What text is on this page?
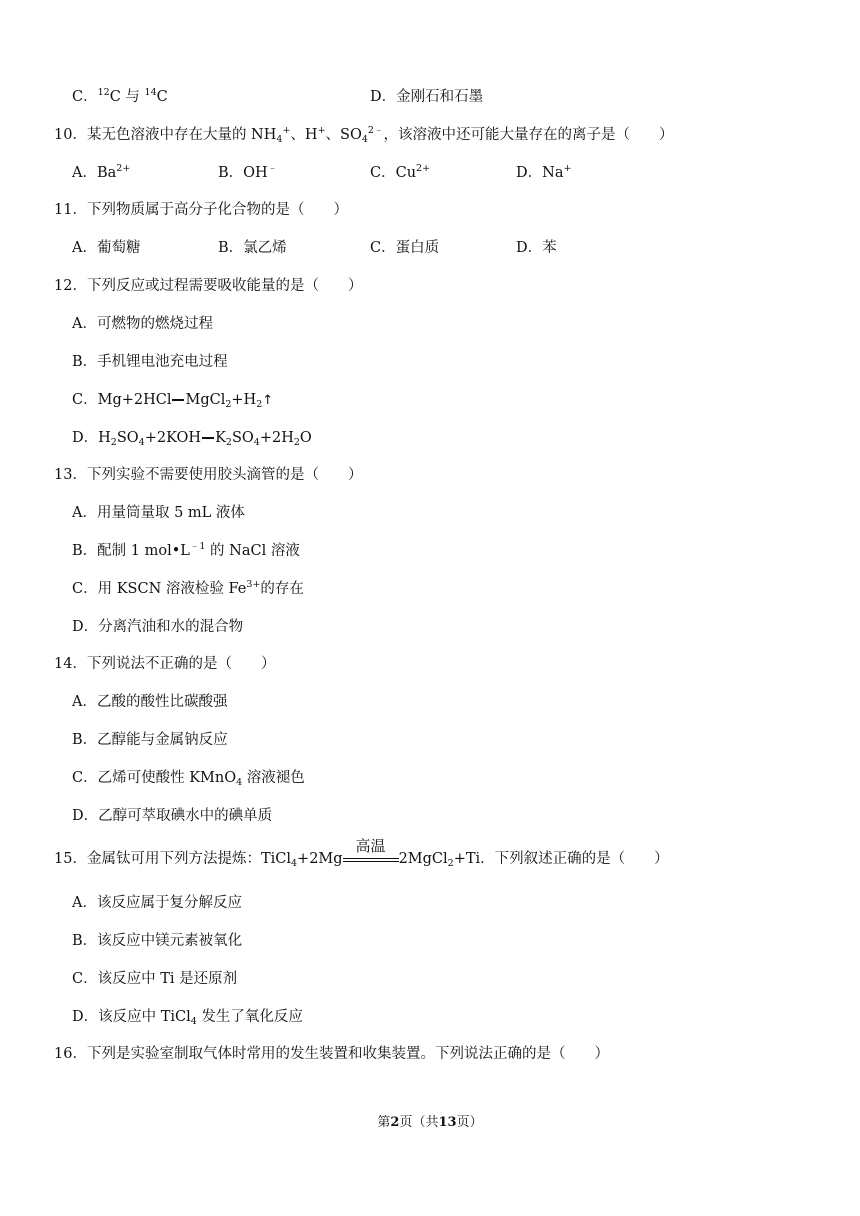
C．$^{12}$C 与 $^{14}$C	D．金刚石和石墨
10．某无色溶液中存在大量的 $NH_4^+$、H+、$SO_4^{2﹣}$，该溶液中还可能大量存在的离子是（　　）
A．$Ba^{2+}$	B．OH﹣	C．$Cu^{2+}$	D．Na+
11．下列物质属于高分子化合物的是（　　）
A．葡萄糖	B．氯乙烯	C．蛋白质	D．苯
12．下列反应或过程需要吸收能量的是（　　）
A．可燃物的燃烧过程
B．手机锂电池充电过程
C．Mg+2HCl $MgCl_2+H_2↑$
D．$H_2SO_4+2KOH$ $K_2SO_4+2H_2O$
13．下列实验不需要使用胶头滴管的是（　　）
A．用量筒量取 5 mL 液体
B．配制 1 $mol•L^{﹣1}$ 的 NaCl 溶液
C．用 KSCN 溶液检验 $Fe^{3+}$的存在
D．分离汽油和水的混合物
14．下列说法不正确的是（　　）
A．乙酸的酸性比碳酸强
B．乙醇能与金属钠反应
C．乙烯可使酸性 KMnO$_4$ 溶液褪色
D．乙醇可萃取碘水中的碘单质
15．金属钛可用下列方法提炼：TiCl$_4$+2Mg
高温
2MgCl$_2$+Ti．下列叙述正确的是（　　）
A．该反应属于复分解反应
B．该反应中镁元素被氧化
C．该反应中 Ti 是还原剂
D．该反应中 TiCl$_4$ 发生了氧化反应
16．下列是实验室制取气体时常用的发生装置和收集装置。下列说法正确的是（　　）
第2页（共13页）
